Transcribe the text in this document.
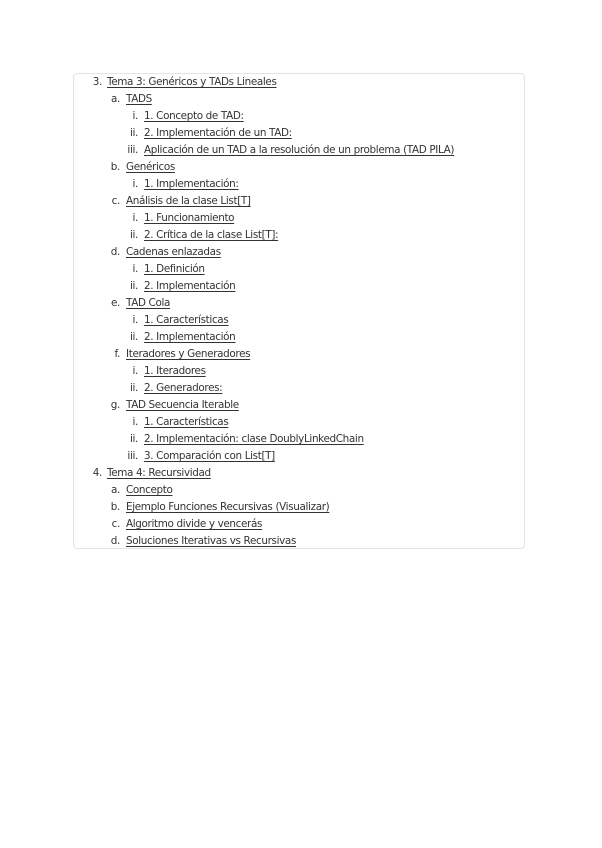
3. Tema 3: Genéricos y TADs Lineales
a. TADS
i. 1. Concepto de TAD:
ii. 2. Implementación de un TAD:
iii. Aplicación de un TAD a la resolución de un problema (TAD PILA)
b. Genéricos
i. 1. Implementación:
c. Análisis de la clase List[T]
i. 1. Funcionamiento
ii. 2. Crítica de la clase List[T]:
d. Cadenas enlazadas
i. 1. Definición
ii. 2. Implementación
e. TAD Cola
i. 1. Características
ii. 2. Implementación
f. Iteradores y Generadores
i. 1. Iteradores
ii. 2. Generadores:
g. TAD Secuencia Iterable
i. 1. Características
ii. 2. Implementación: clase DoublyLinkedChain
iii. 3. Comparación con List[T]
4. Tema 4: Recursividad
a. Concepto
b. Ejemplo Funciones Recursivas (Visualizar)
c. Algoritmo divide y vencerás
d. Soluciones Iterativas vs Recursivas
